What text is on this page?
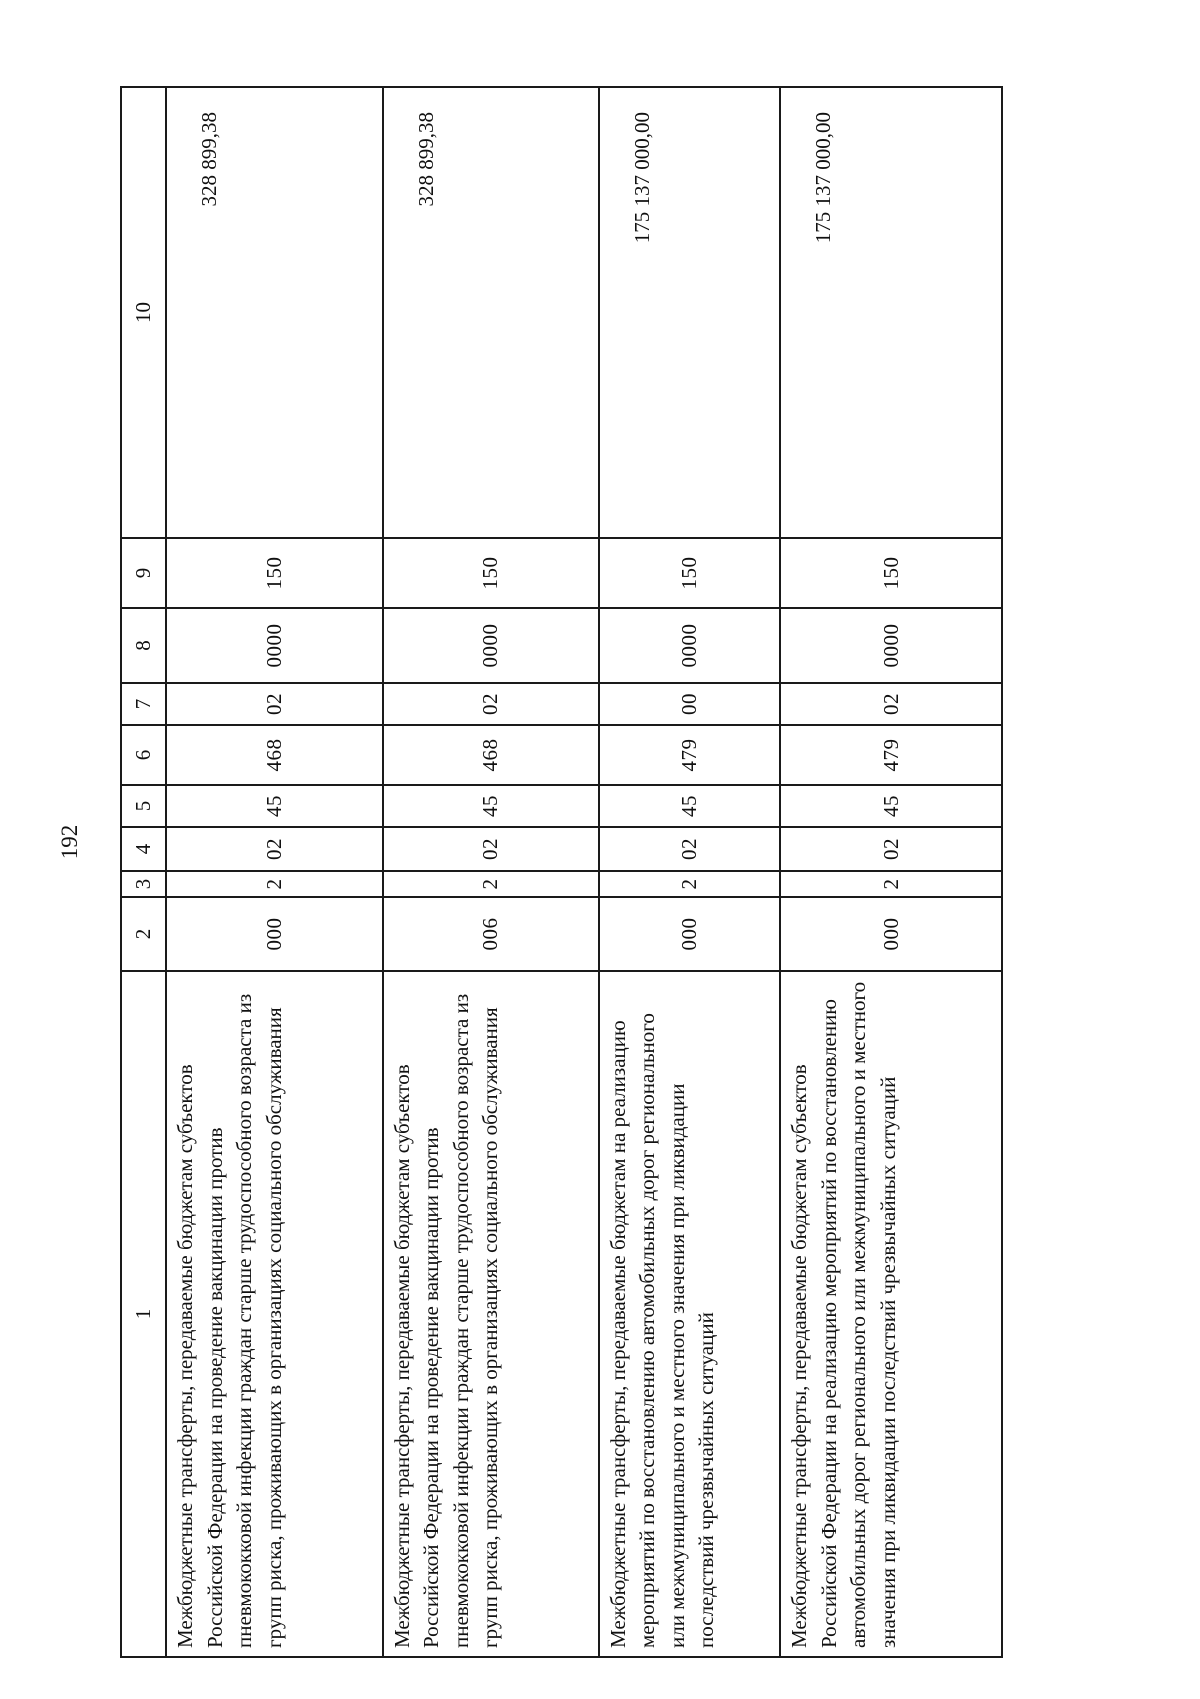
192
1	2	3	4	5	6	7	8	9	10
Межбюджетные трансферты, передаваемые бюджетам субъектов Российской Федерации на проведение вакцинации против пневмококковой инфекции граждан старше трудоспособного возраста из групп риска, проживающих в организациях социального обслуживания	000	2	02	45	468	02	0000	150	328 899,38
Межбюджетные трансферты, передаваемые бюджетам субъектов Российской Федерации на проведение вакцинации против пневмококковой инфекции граждан старше трудоспособного возраста из групп риска, проживающих в организациях социального обслуживания	006	2	02	45	468	02	0000	150	328 899,38
Межбюджетные трансферты, передаваемые бюджетам на реализацию мероприятий по восстановлению автомобильных дорог регионального или межмуниципального и местного значения при ликвидации последствий чрезвычайных ситуаций	000	2	02	45	479	00	0000	150	175 137 000,00
Межбюджетные трансферты, передаваемые бюджетам субъектов Российской Федерации на реализацию мероприятий по восстановлению автомобильных дорог регионального или межмуниципального и местного значения при ликвидации последствий чрезвычайных ситуаций	000	2	02	45	479	02	0000	150	175 137 000,00
